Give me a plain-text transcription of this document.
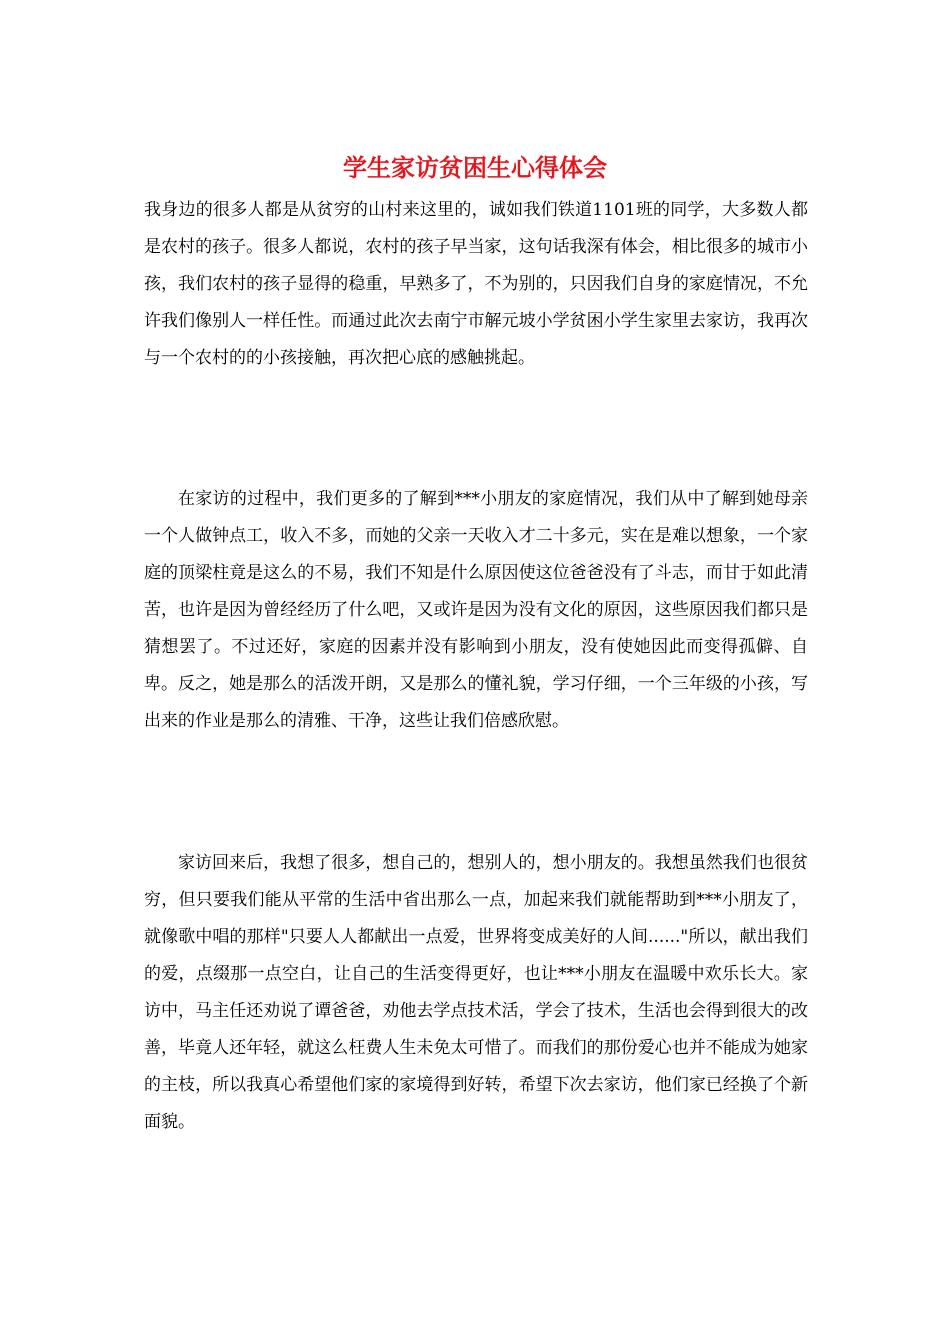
学生家访贫困生心得体会

我身边的很多人都是从贫穷的山村来这里的，诚如我们铁道1101班的同学，大多数人都是农村的孩子。很多人都说，农村的孩子早当家，这句话我深有体会，相比很多的城市小孩，我们农村的孩子显得的稳重，早熟多了，不为别的，只因我们自身的家庭情况，不允许我们像别人一样任性。而通过此次去南宁市解元坡小学贫困小学生家里去家访，我再次与一个农村的的小孩接触，再次把心底的感触挑起。

在家访的过程中，我们更多的了解到***小朋友的家庭情况，我们从中了解到她母亲一个人做钟点工，收入不多，而她的父亲一天收入才二十多元，实在是难以想象，一个家庭的顶梁柱竟是这么的不易，我们不知是什么原因使这位爸爸没有了斗志，而甘于如此清苦，也许是因为曾经经历了什么吧，又或许是因为没有文化的原因，这些原因我们都只是猜想罢了。不过还好，家庭的因素并没有影响到小朋友，没有使她因此而变得孤僻、自卑。反之，她是那么的活泼开朗，又是那么的懂礼貌，学习仔细，一个三年级的小孩，写出来的作业是那么的清雅、干净，这些让我们倍感欣慰。

家访回来后，我想了很多，想自己的，想别人的，想小朋友的。我想虽然我们也很贫穷，但只要我们能从平常的生活中省出那么一点，加起来我们就能帮助到***小朋友了，就像歌中唱的那样"只要人人都献出一点爱，世界将变成美好的人间......"所以，献出我们的爱，点缀那一点空白，让自己的生活变得更好，也让***小朋友在温暖中欢乐长大。家访中，马主任还劝说了谭爸爸，劝他去学点技术活，学会了技术，生活也会得到很大的改善，毕竟人还年轻，就这么枉费人生未免太可惜了。而我们的那份爱心也并不能成为她家的主枝，所以我真心希望他们家的家境得到好转，希望下次去家访，他们家已经换了个新面貌。
